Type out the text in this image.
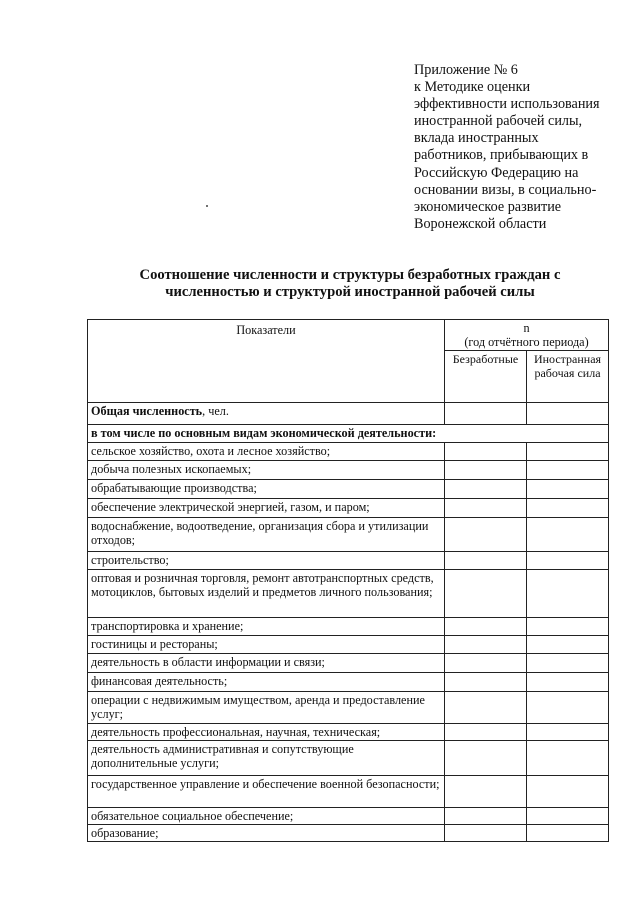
Приложение № 6
к Методике оценки
эффективности использования
иностранной рабочей силы,
вклада иностранных
работников, прибывающих в
Российскую Федерацию на
основании визы, в социально-
экономическое развитие
Воронежской области
Соотношение численности и структуры безработных граждан с
численностью и структурой иностранной рабочей силы
Показатели	n
(год отчётного периода)	

	Безработные	Иностранная рабочая сила
Общая численность, чел.		
в том числе по основным видам экономической деятельности:		
сельское хозяйство, охота и лесное хозяйство;		
добыча полезных ископаемых;		
обрабатывающие производства;		
обеспечение электрической энергией, газом, и паром;		
водоснабжение, водоотведение, организация сбора и утилизации отходов;		
строительство;		
оптовая и розничная торговля, ремонт автотранспортных средств, мотоциклов, бытовых изделий и предметов личного пользования;		
транспортировка и хранение;		
гостиницы и рестораны;		
деятельность в области информации и связи;		
финансовая деятельность;		
операции с недвижимым имуществом, аренда и предоставление услуг;		
деятельность профессиональная, научная, техническая;		
деятельность административная и сопутствующие дополнительные услуги;		
государственное управление и обеспечение военной безопасности;		
обязательное социальное обеспечение;		
образование;		
